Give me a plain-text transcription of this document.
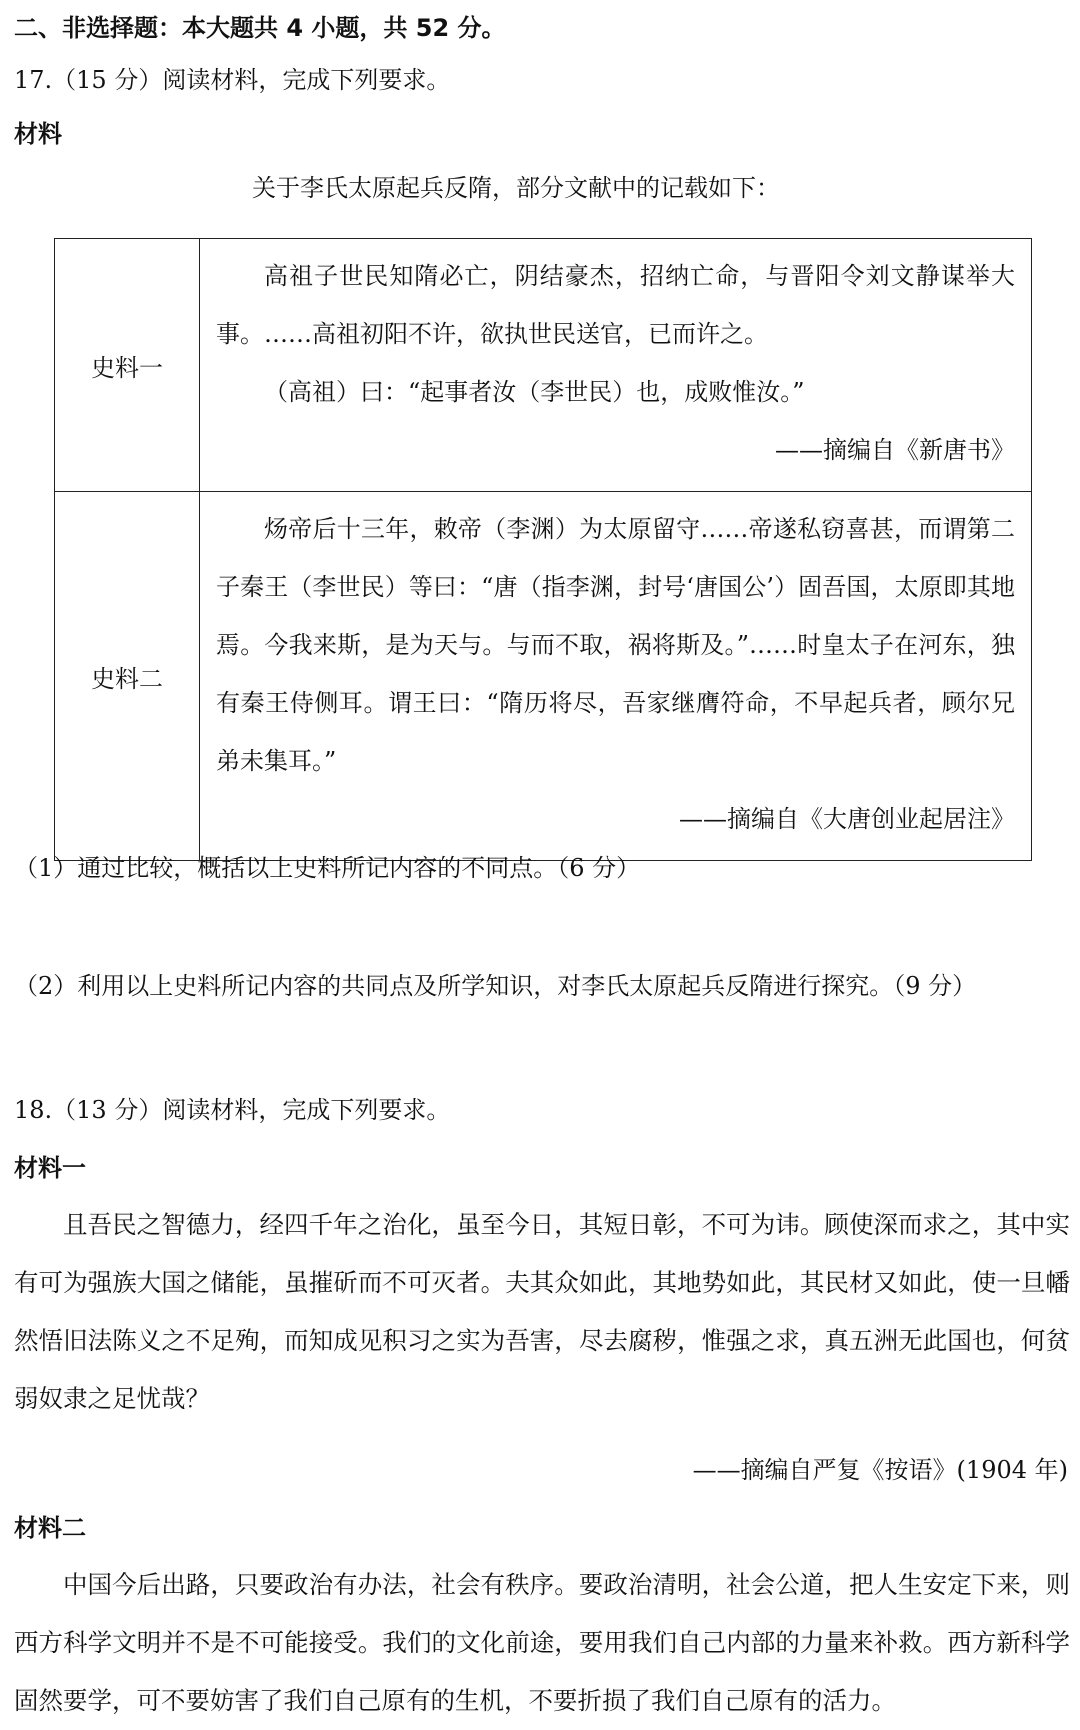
二、非选择题：本大题共 4 小题，共 52 分。
17.（15 分）阅读材料，完成下列要求。
材料
关于李氏太原起兵反隋，部分文献中的记载如下：
史料一	高祖子世民知隋必亡，阴结豪杰，招纳亡命，与晋阳令刘文静谋举大事。……高祖初阳不许，欲执世民送官，已而许之。

（高祖）曰：“起事者汝（李世民）也，成败惟汝。”

——摘编自《新唐书》

史料二	炀帝后十三年，敕帝（李渊）为太原留守……帝遂私窃喜甚，而谓第二子秦王（李世民）等曰：“唐（指李渊，封号‘唐国公’）固吾国，太原即其地焉。今我来斯，是为天与。与而不取，祸将斯及。”……时皇太子在河东，独有秦王侍侧耳。谓王曰：“隋历将尽，吾家继膺符命，不早起兵者，顾尔兄弟未集耳。”

——摘编自《大唐创业起居注》

（1）通过比较，概括以上史料所记内容的不同点。（6 分）
（2）利用以上史料所记内容的共同点及所学知识，对李氏太原起兵反隋进行探究。（9 分）
18.（13 分）阅读材料，完成下列要求。
材料一
且吾民之智德力，经四千年之治化，虽至今日，其短日彰，不可为讳。顾使深而求之，其中实有可为强族大国之储能，虽摧斫而不可灭者。夫其众如此，其地势如此，其民材又如此，使一旦幡然悟旧法陈义之不足殉，而知成见积习之实为吾害，尽去腐秽，惟强之求，真五洲无此国也，何贫弱奴隶之足忧哉？
——摘编自严复《按语》(1904 年)
材料二
中国今后出路，只要政治有办法，社会有秩序。要政治清明，社会公道，把人生安定下来，则西方科学文明并不是不可能接受。我们的文化前途，要用我们自己内部的力量来补救。西方新科学固然要学，可不要妨害了我们自己原有的生机，不要折损了我们自己原有的活力。
